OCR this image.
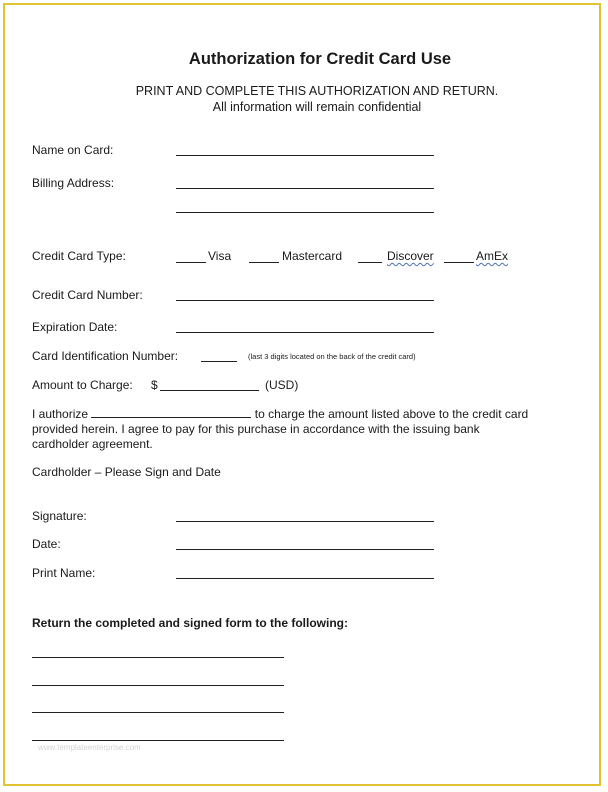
Authorization for Credit Card Use
PRINT AND COMPLETE THIS AUTHORIZATION AND RETURN.
All information will remain confidential
Name on Card:
Billing Address:
Credit Card Type:	Visa	Mastercard	Discover	AmEx
Credit Card Number:
Expiration Date:
Card Identification Number:	(last 3 digits located on the back of the credit card)
Amount to Charge: $	(USD)
I authorize	to charge the amount listed above to the credit card
provided herein. I agree to pay for this purchase in accordance with the issuing bank
cardholder agreement.
Cardholder – Please Sign and Date
Signature:
Date:
Print Name:
Return the completed and signed form to the following:
www.templateenterprise.com
